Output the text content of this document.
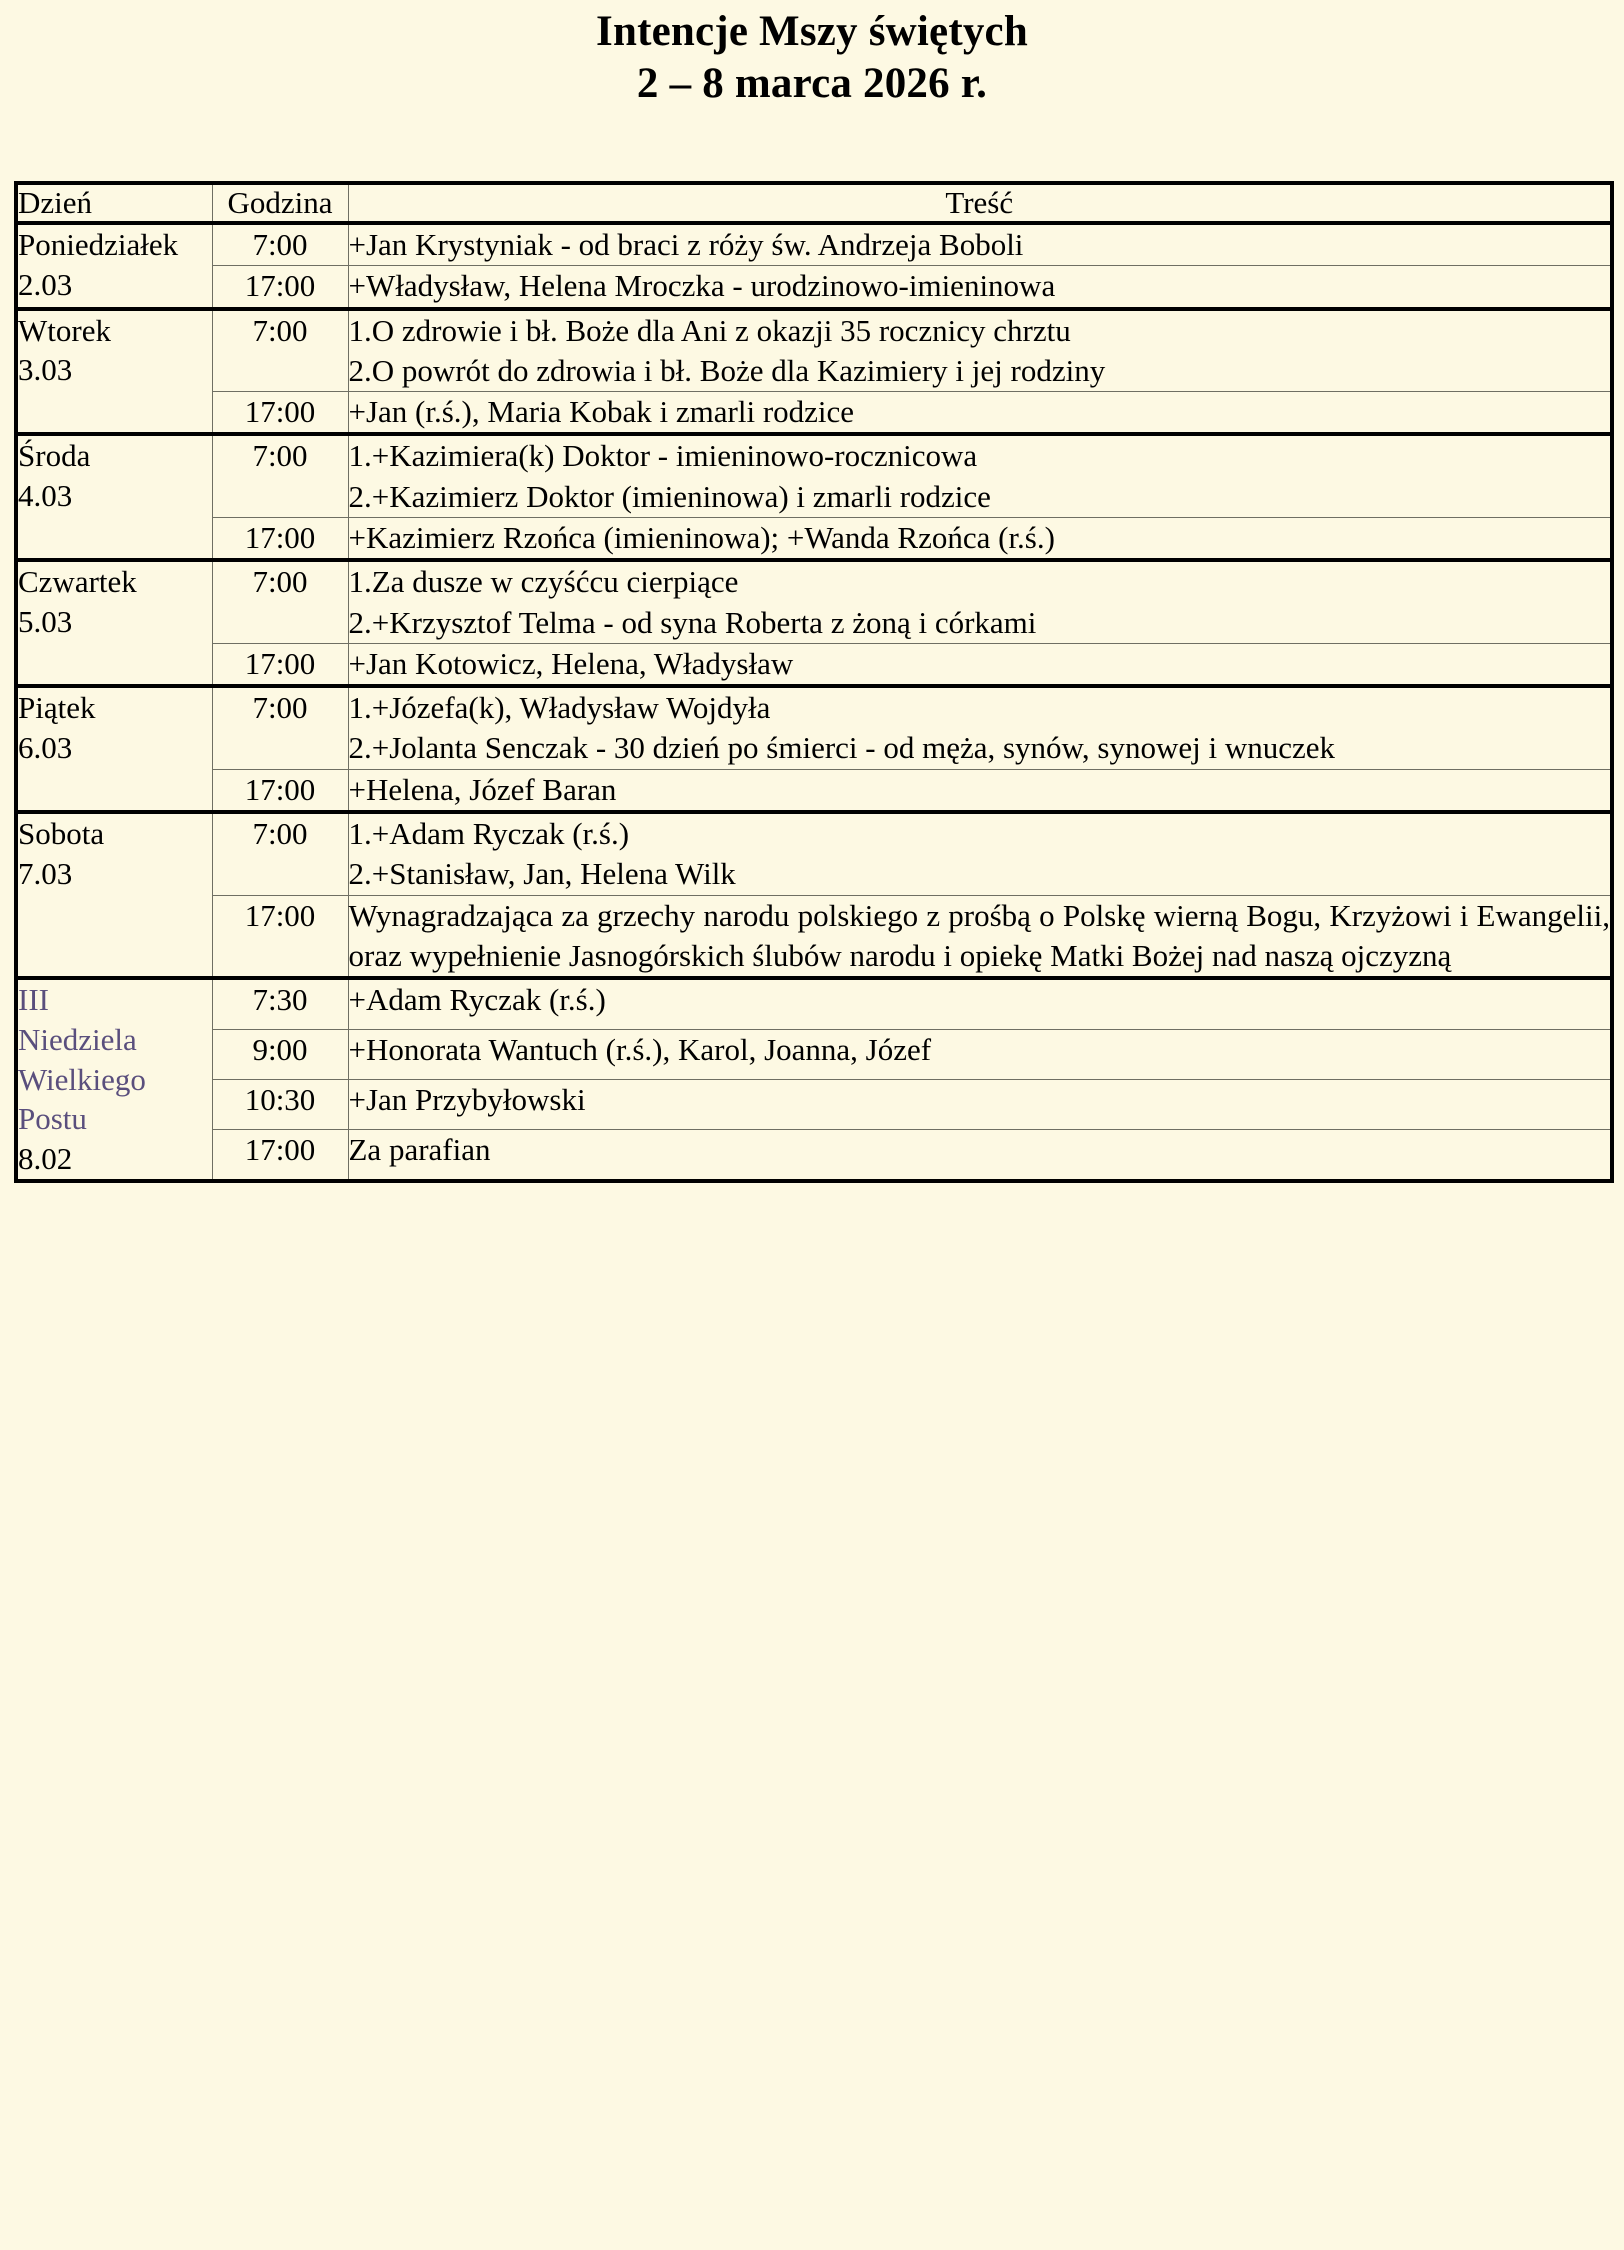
Intencje Mszy świętych
2 – 8 marca 2026 r.
Dzień	Godzina	Treść

Poniedziałek
2.03	7:00	+Jan Krystyniak - od braci z róży św. Andrzeja Boboli

	17:00	+Władysław, Helena Mroczka - urodzinowo-imieninowa

Wtorek
3.03	7:00	1.O zdrowie i bł. Boże dla Ani z okazji 35 rocznicy chrztu
2.O powrót do zdrowia i bł. Boże dla Kazimiery i jej rodziny

	17:00	+Jan (r.ś.), Maria Kobak i zmarli rodzice

Środa
4.03	7:00	1.+Kazimiera(k) Doktor - imieninowo-rocznicowa
2.+Kazimierz Doktor (imieninowa) i zmarli rodzice

	17:00	+Kazimierz Rzońca (imieninowa); +Wanda Rzońca (r.ś.)

Czwartek
5.03	7:00	1.Za dusze w czyśćcu cierpiące
2.+Krzysztof Telma - od syna Roberta z żoną i córkami

	17:00	+Jan Kotowicz, Helena, Władysław

Piątek
6.03	7:00	1.+Józefa(k), Władysław Wojdyła
2.+Jolanta Senczak - 30 dzień po śmierci - od męża, synów, synowej i wnuczek

	17:00	+Helena, Józef Baran

Sobota
7.03	7:00	1.+Adam Ryczak (r.ś.)
2.+Stanisław, Jan, Helena Wilk

	17:00	Wynagradzająca za grzechy narodu polskiego z prośbą o Polskę wierną Bogu, Krzyżowi i Ewangelii, oraz wypełnienie Jasnogórskich ślubów narodu i opiekę Matki Bożej nad naszą ojczyzną

III
Niedziela
Wielkiego
Postu
8.02	7:30	+Adam Ryczak (r.ś.)

	9:00	+Honorata Wantuch (r.ś.), Karol, Joanna, Józef

	10:30	+Jan Przybyłowski

	17:00	Za parafian
